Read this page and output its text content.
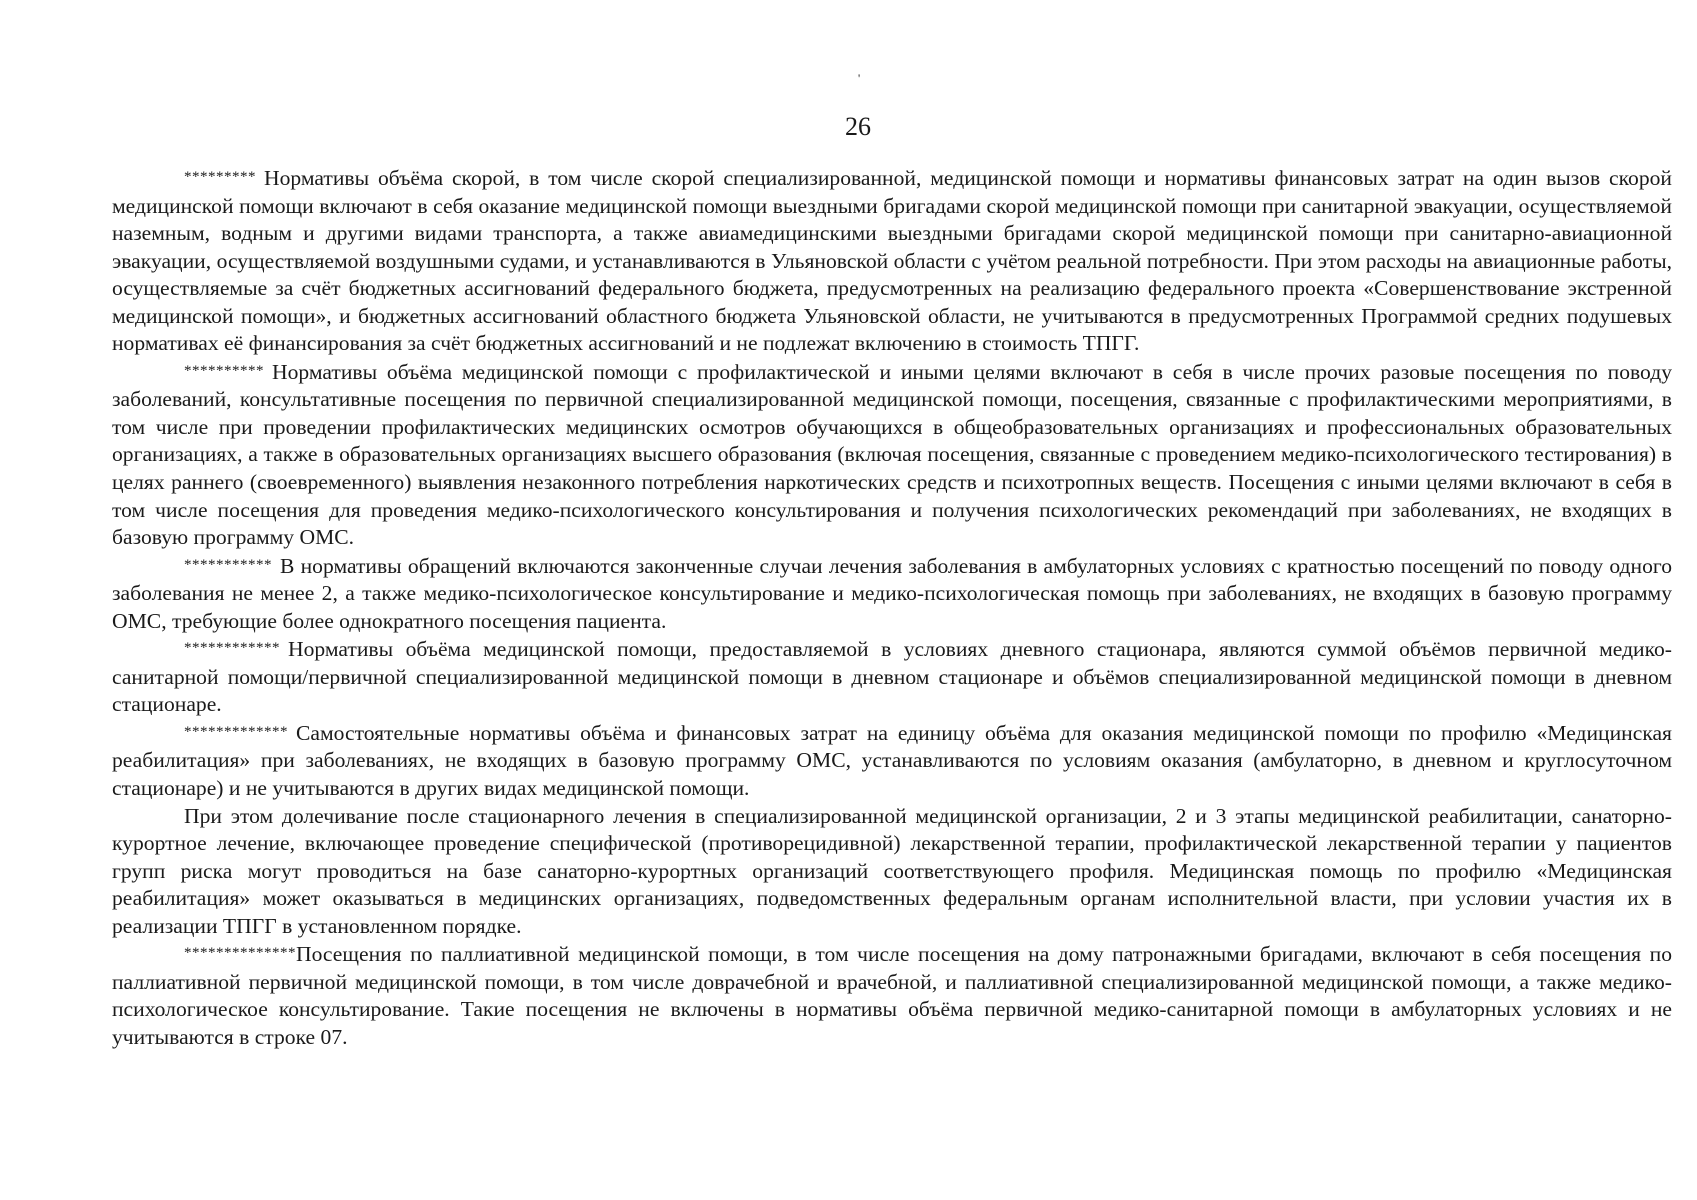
'
26

********* Нормативы объёма скорой, в том числе скорой специализированной, медицинской помощи и нормативы финансовых затрат на один вызов скорой медицинской помощи включают в себя оказание медицинской помощи выездными бригадами скорой медицинской помощи при санитарной эвакуации, осуществляемой наземным, водным и другими видами транспорта, а также авиамедицинскими выездными бригадами скорой медицинской помощи при санитарно-авиационной эвакуации, осуществляемой воздушными судами, и устанавливаются в Ульяновской области с учётом реальной потребности. При этом расходы на авиационные работы, осуществляемые за счёт бюджетных ассигнований федерального бюджета, предусмотренных на реализацию федерального проекта «Совершенствование экстренной медицинской помощи», и бюджетных ассигнований областного бюджета Ульяновской области, не учитываются в предусмотренных Программой средних подушевых нормативах её финансирования за счёт бюджетных ассигнований и не подлежат включению в стоимость ТПГГ.

********** Нормативы объёма медицинской помощи с профилактической и иными целями включают в себя в числе прочих разовые посещения по поводу заболеваний, консультативные посещения по первичной специализированной медицинской помощи, посещения, связанные с профилактическими мероприятиями, в том числе при проведении профилактических медицинских осмотров обучающихся в общеобразовательных организациях и профессиональных образовательных организациях, а также в образовательных организациях высшего образования (включая посещения, связанные с проведением медико-психологического тестирования) в целях раннего (своевременного) выявления незаконного потребления наркотических средств и психотропных веществ. Посещения с иными целями включают в себя в том числе посещения для проведения медико-психологического консультирования и получения психологических рекомендаций при заболеваниях, не входящих в базовую программу ОМС.

*********** В нормативы обращений включаются законченные случаи лечения заболевания в амбулаторных условиях с кратностью посещений по поводу одного заболевания не менее 2, а также медико-психологическое консультирование и медико-психологическая помощь при заболеваниях, не входящих в базовую программу ОМС, требующие более однократного посещения пациента.

************ Нормативы объёма медицинской помощи, предоставляемой в условиях дневного стационара, являются суммой объёмов первичной медико-санитарной помощи/первичной специализированной медицинской помощи в дневном стационаре и объёмов специализированной медицинской помощи в дневном стационаре.

************* Самостоятельные нормативы объёма и финансовых затрат на единицу объёма для оказания медицинской помощи по профилю «Медицинская реабилитация» при заболеваниях, не входящих в базовую программу ОМС, устанавливаются по условиям оказания (амбулаторно, в дневном и круглосуточном стационаре) и не учитываются в других видах медицинской помощи.

При этом долечивание после стационарного лечения в специализированной медицинской организации, 2 и 3 этапы медицинской реабилитации, санаторно-курортное лечение, включающее проведение специфической (противорецидивной) лекарственной терапии, профилактической лекарственной терапии у пациентов групп риска могут проводиться на базе санаторно-курортных организаций соответствующего профиля. Медицинская помощь по профилю «Медицинская реабилитация» может оказываться в медицинских организациях, подведомственных федеральным органам исполнительной власти, при условии участия их в реализации ТПГГ в установленном порядке.

**************Посещения по паллиативной медицинской помощи, в том числе посещения на дому патронажными бригадами, включают в себя посещения по паллиативной первичной медицинской помощи, в том числе доврачебной и врачебной, и паллиативной специализированной медицинской помощи, а также медико-психологическое консультирование. Такие посещения не включены в нормативы объёма первичной медико-санитарной помощи в амбулаторных условиях и не учитываются в строке 07.
